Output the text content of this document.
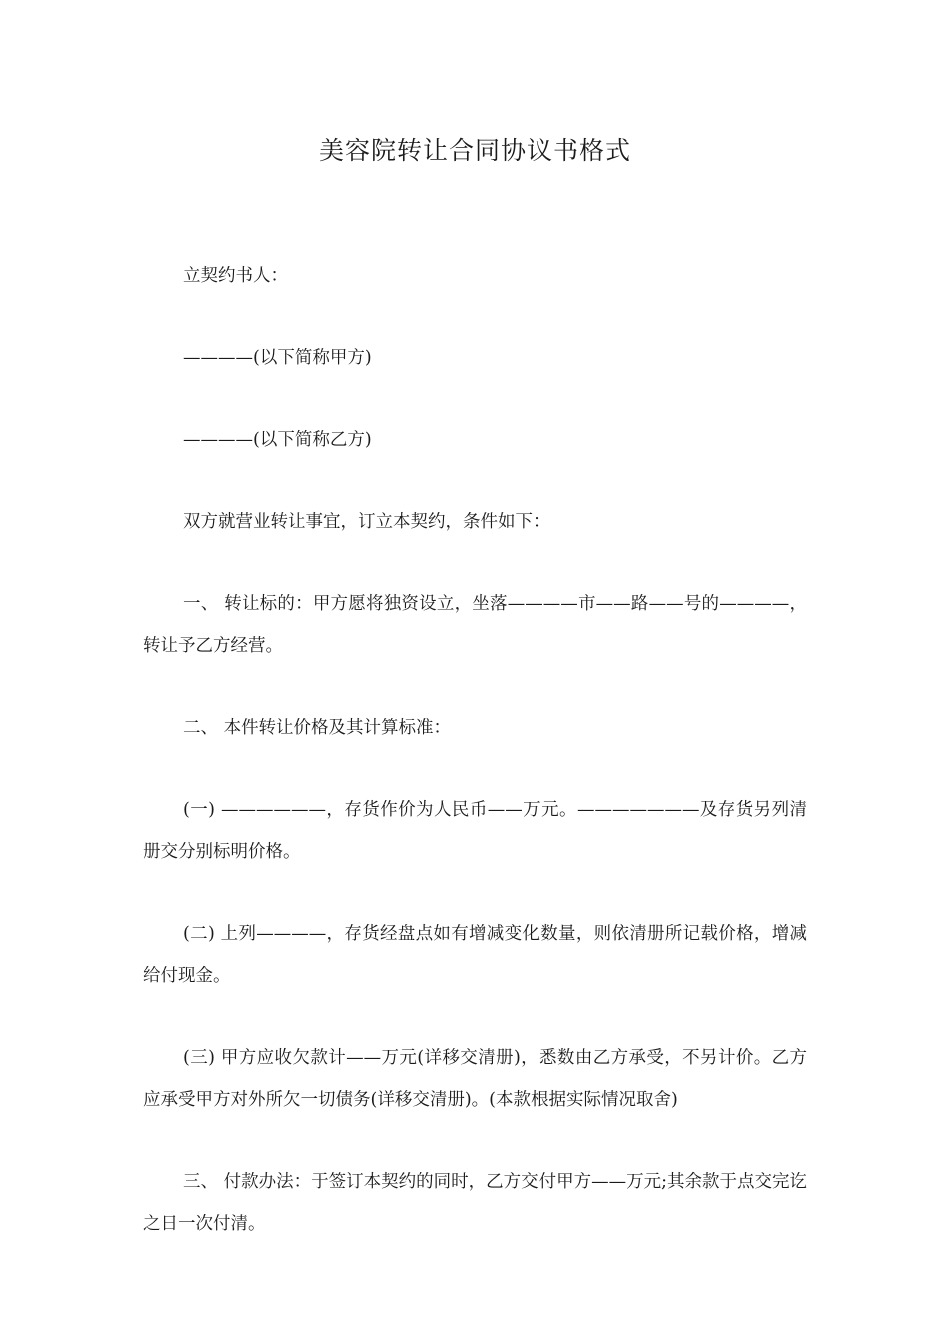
美容院转让合同协议书格式

立契约书人：

————(以下简称甲方)

————(以下简称乙方)

双方就营业转让事宜，订立本契约，条件如下：

一、 转让标的：甲方愿将独资设立，坐落————市——路——号的————，转让予乙方经营。

二、 本件转让价格及其计算标准：

(一) ——————，存货作价为人民币——万元。———————及存货另列清册交分别标明价格。

(二) 上列————，存货经盘点如有增减变化数量，则依清册所记载价格，增减给付现金。

(三) 甲方应收欠款计——万元(详移交清册)，悉数由乙方承受，不另计价。乙方应承受甲方对外所欠一切债务(详移交清册)。(本款根据实际情况取舍)

三、 付款办法：于签订本契约的同时，乙方交付甲方——万元;其余款于点交完讫之日一次付清。
